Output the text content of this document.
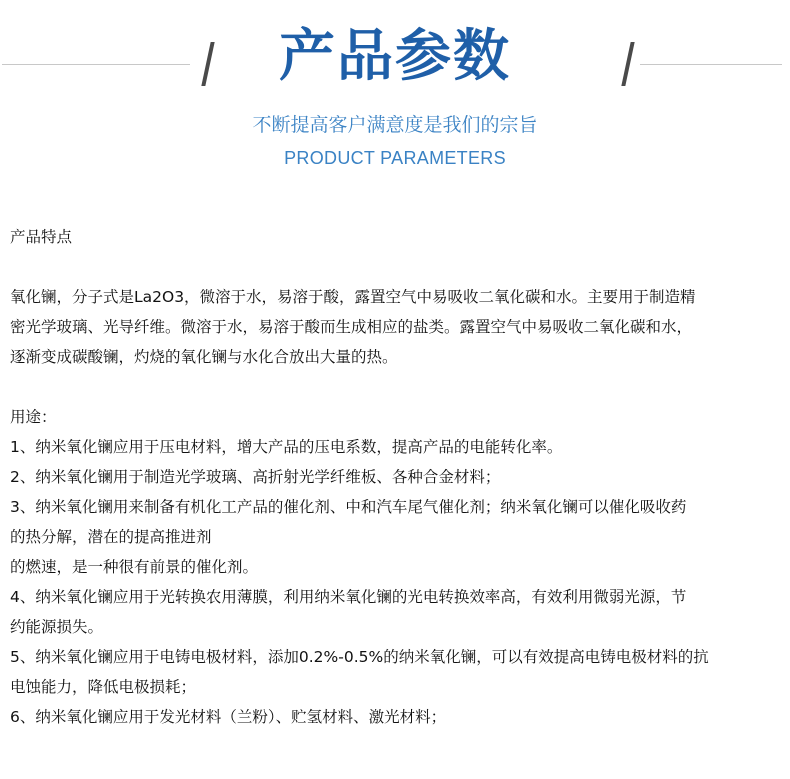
产品参数
不断提高客户满意度是我们的宗旨
PRODUCT PARAMETERS

产品特点

氧化镧，分子式是La2O3，微溶于水，易溶于酸，露置空气中易吸收二氧化碳和水。主要用于制造精

密光学玻璃、光导纤维。微溶于水，易溶于酸而生成相应的盐类。露置空气中易吸收二氧化碳和水，

逐渐变成碳酸镧，灼烧的氧化镧与水化合放出大量的热。

用途：

1、纳米氧化镧应用于压电材料，增大产品的压电系数，提高产品的电能转化率。

2、纳米氧化镧用于制造光学玻璃、高折射光学纤维板、各种合金材料；

3、纳米氧化镧用来制备有机化工产品的催化剂、中和汽车尾气催化剂；纳米氧化镧可以催化吸收药

的热分解，潜在的提高推进剂

的燃速，是一种很有前景的催化剂。

4、纳米氧化镧应用于光转换农用薄膜，利用纳米氧化镧的光电转换效率高，有效利用微弱光源，节

约能源损失。

5、纳米氧化镧应用于电铸电极材料，添加0.2%-0.5%的纳米氧化镧，可以有效提高电铸电极材料的抗

电蚀能力，降低电极损耗；

6、纳米氧化镧应用于发光材料（兰粉）、贮氢材料、激光材料；
